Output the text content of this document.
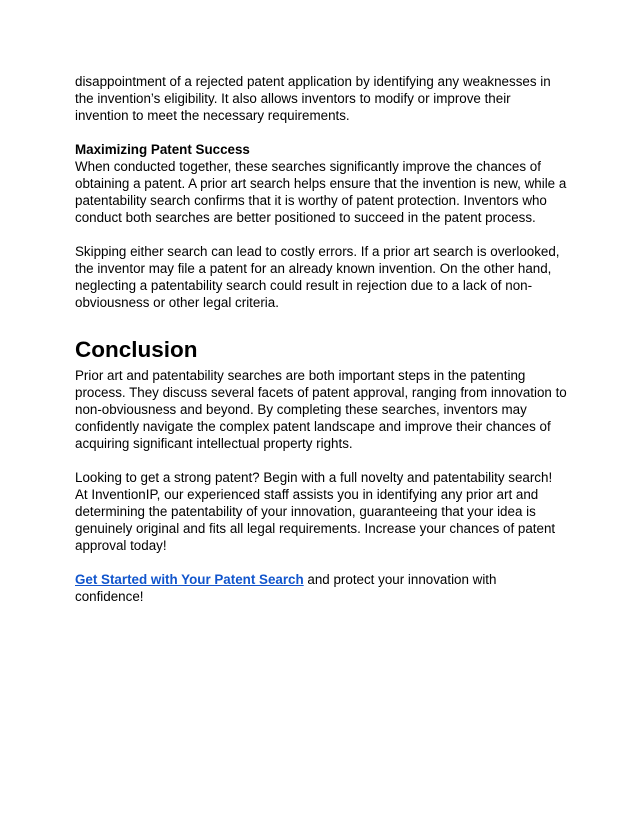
disappointment of a rejected patent application by identifying any weaknesses in the invention’s eligibility. It also allows inventors to modify or improve their invention to meet the necessary requirements.

Maximizing Patent Success

When conducted together, these searches significantly improve the chances of obtaining a patent. A prior art search helps ensure that the invention is new, while a patentability search confirms that it is worthy of patent protection. Inventors who conduct both searches are better positioned to succeed in the patent process.

Skipping either search can lead to costly errors. If a prior art search is overlooked, the inventor may file a patent for an already known invention. On the other hand, neglecting a patentability search could result in rejection due to a lack of non-obviousness or other legal criteria.

Conclusion

Prior art and patentability searches are both important steps in the patenting process. They discuss several facets of patent approval, ranging from innovation to non-obviousness and beyond. By completing these searches, inventors may confidently navigate the complex patent landscape and improve their chances of acquiring significant intellectual property rights.

Looking to get a strong patent? Begin with a full novelty and patentability search! At InventionIP, our experienced staff assists you in identifying any prior art and determining the patentability of your innovation, guaranteeing that your idea is genuinely original and fits all legal requirements. Increase your chances of patent approval today!

Get Started with Your Patent Search and protect your innovation with confidence!
